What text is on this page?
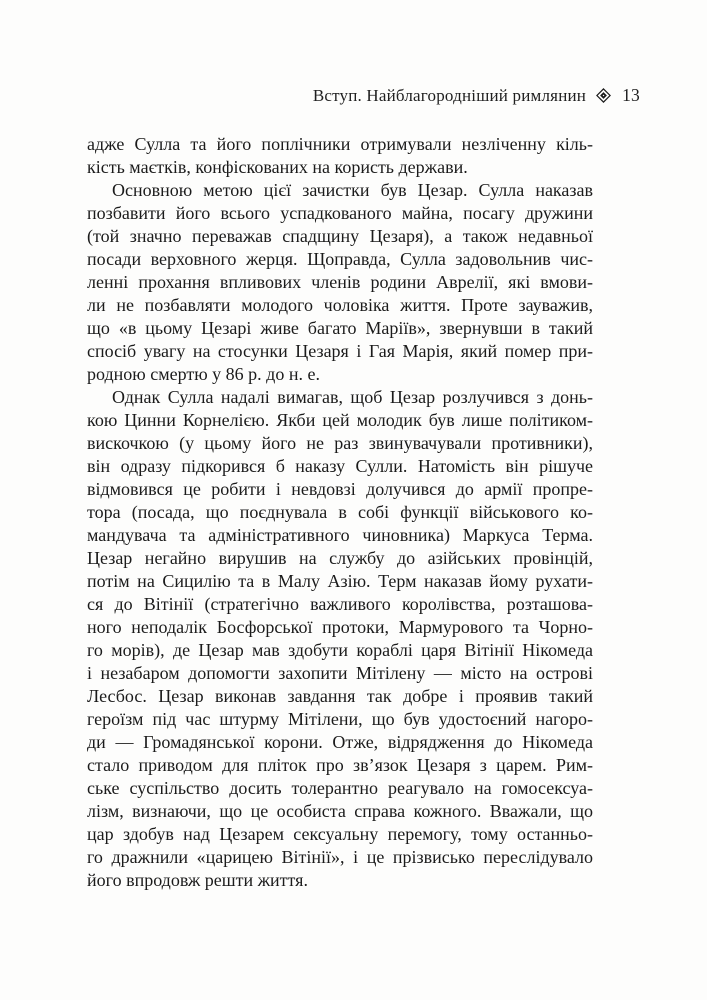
Вступ. Найблагородніший римлянин 13
адже Сулла та його поплічники отримували незліченну кіль-
кість маєтків, конфіскованих на користь держави.
Основною метою цієї зачистки був Цезар. Сулла наказав
позбавити його всього успадкованого майна, посагу дружини
(той значно переважав спадщину Цезаря), а також недавньої
посади верховного жерця. Щоправда, Сулла задовольнив чис-
ленні прохання впливових членів родини Аврелії, які вмови-
ли не позбавляти молодого чоловіка життя. Проте зауважив,
що «в цьому Цезарі живе багато Маріїв», звернувши в такий
спосіб увагу на стосунки Цезаря і Гая Марія, який помер при-
родною смертю у 86 р. до н. е.
Однак Сулла надалі вимагав, щоб Цезар розлучився з донь-
кою Цинни Корнелією. Якби цей молодик був лише політиком-
вискочкою (у цьому його не раз звинувачували противники),
він одразу підкорився б наказу Сулли. Натомість він рішуче
відмовився це робити і невдовзі долучився до армії пропре-
тора (посада, що поєднувала в собі функції військового ко-
мандувача та адміністративного чиновника) Маркуса Терма.
Цезар негайно вирушив на службу до азійських провінцій,
потім на Сицилію та в Малу Азію. Терм наказав йому рухати-
ся до Вітінії (стратегічно важливого королівства, розташова-
ного неподалік Босфорської протоки, Мармурового та Чорно-
го морів), де Цезар мав здобути кораблі царя Вітінії Нікомеда
і незабаром допомогти захопити Мітілену — місто на острові
Лесбос. Цезар виконав завдання так добре і проявив такий
героїзм під час штурму Мітілени, що був удостоєний нагоро-
ди — Громадянської корони. Отже, відрядження до Нікомеда
стало приводом для пліток про зв’язок Цезаря з царем. Рим-
ське суспільство досить толерантно реагувало на гомосексуа-
лізм, визнаючи, що це особиста справа кожного. Вважали, що
цар здобув над Цезарем сексуальну перемогу, тому останньо-
го дражнили «царицею Вітінії», і це прізвисько переслідувало
його впродовж решти життя.
